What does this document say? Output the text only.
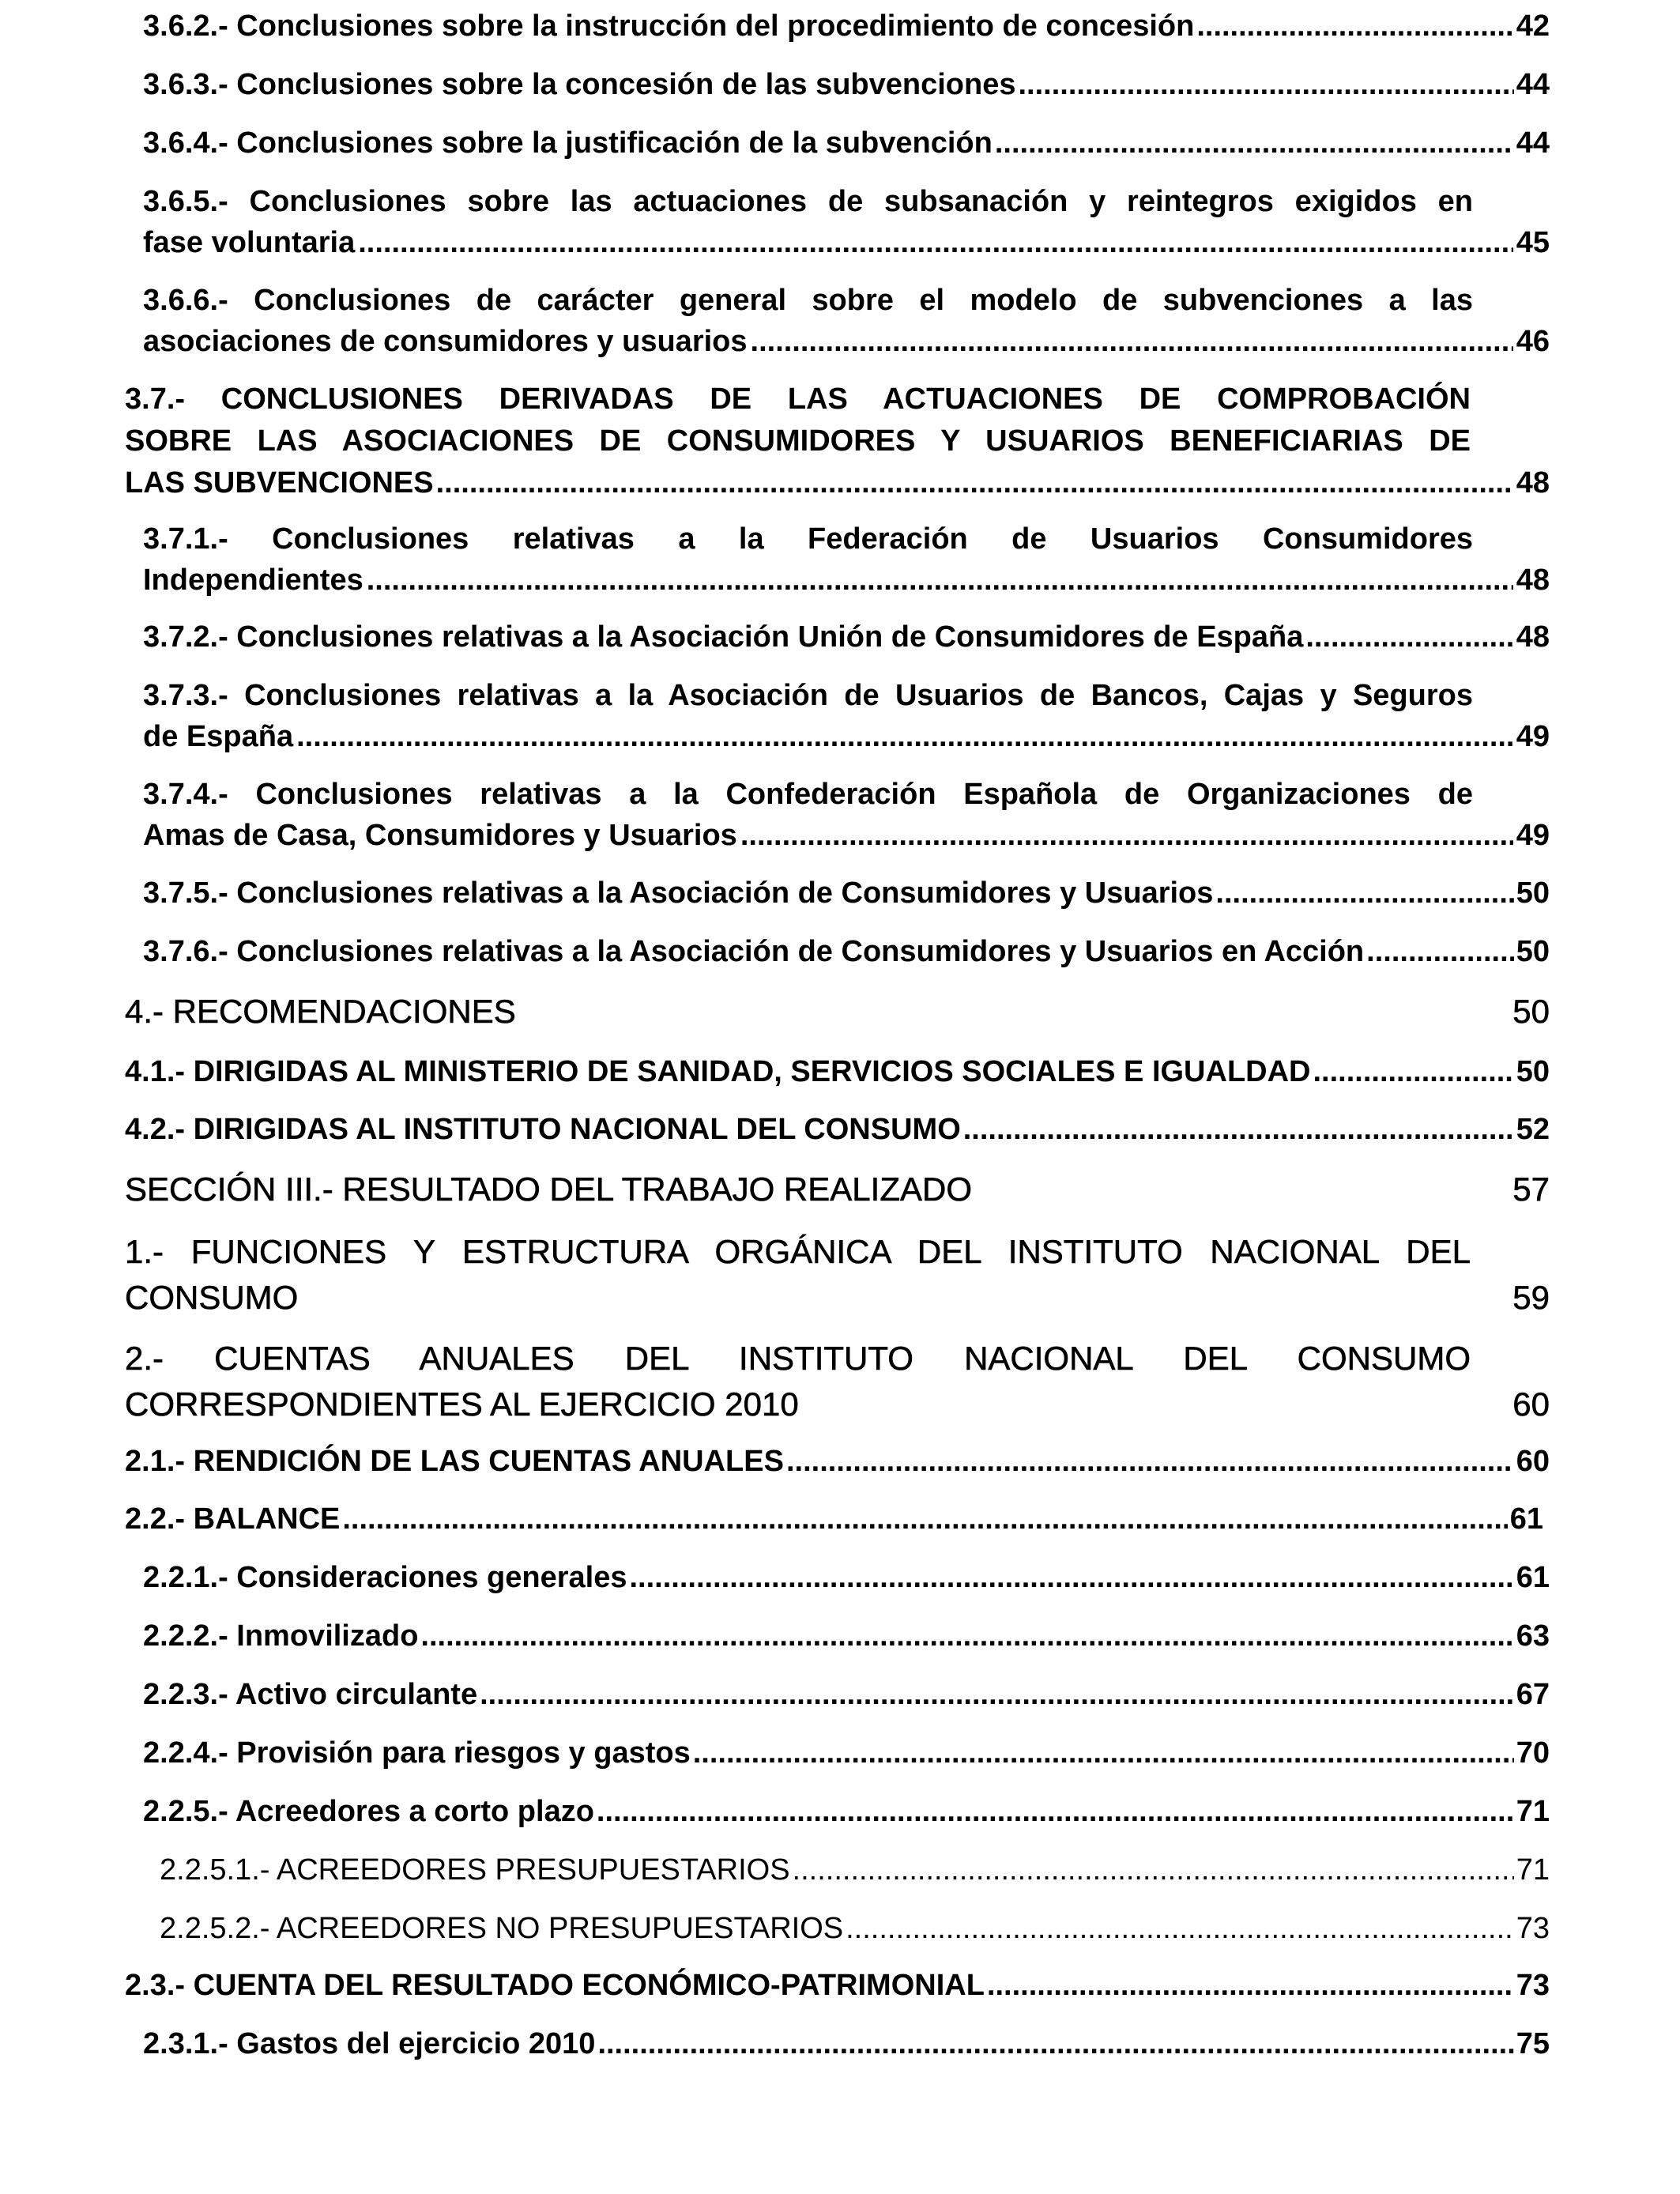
3.6.2.- Conclusiones sobre la instrucción del procedimiento de concesión .....	42
3.6.3.- Conclusiones sobre la concesión de las subvenciones .....	44
3.6.4.- Conclusiones sobre la justificación de la subvención .....	44
3.6.5.- Conclusiones sobre las actuaciones de subsanación y reintegros exigidos en
fase voluntaria .....	45
3.6.6.- Conclusiones de carácter general sobre el modelo de subvenciones a las
asociaciones de consumidores y usuarios .....	46
3.7.- CONCLUSIONES DERIVADAS DE LAS ACTUACIONES DE COMPROBACIÓN
SOBRE LAS ASOCIACIONES DE CONSUMIDORES Y USUARIOS BENEFICIARIAS DE
LAS SUBVENCIONES .....	48
3.7.1.- Conclusiones relativas a la Federación de Usuarios Consumidores
Independientes .....	48
3.7.2.- Conclusiones relativas a la Asociación Unión de Consumidores de España .....	48
3.7.3.- Conclusiones relativas a la Asociación de Usuarios de Bancos, Cajas y Seguros
de España .....	49
3.7.4.- Conclusiones relativas a la Confederación Española de Organizaciones de
Amas de Casa, Consumidores y Usuarios .....	49
3.7.5.- Conclusiones relativas a la Asociación de Consumidores y Usuarios .....	50
3.7.6.- Conclusiones relativas a la Asociación de Consumidores y Usuarios en Acción .....	50
4.- RECOMENDACIONES	50
4.1.- DIRIGIDAS AL MINISTERIO DE SANIDAD, SERVICIOS SOCIALES E IGUALDAD .....	50
4.2.- DIRIGIDAS AL INSTITUTO NACIONAL DEL CONSUMO .....	52
SECCIÓN III.- RESULTADO DEL TRABAJO REALIZADO	57
1.- FUNCIONES Y ESTRUCTURA ORGÁNICA DEL INSTITUTO NACIONAL DEL
CONSUMO	59
2.- CUENTAS ANUALES DEL INSTITUTO NACIONAL DEL CONSUMO
CORRESPONDIENTES AL EJERCICIO 2010	60
2.1.- RENDICIÓN DE LAS CUENTAS ANUALES .....	60
2.2.- BALANCE .....	61
2.2.1.- Consideraciones generales .....	61
2.2.2.- Inmovilizado .....	63
2.2.3.- Activo circulante .....	67
2.2.4.- Provisión para riesgos y gastos .....	70
2.2.5.- Acreedores a corto plazo .....	71
2.2.5.1.- ACREEDORES PRESUPUESTARIOS .....	71
2.2.5.2.- ACREEDORES NO PRESUPUESTARIOS .....	73
2.3.- CUENTA DEL RESULTADO ECONÓMICO-PATRIMONIAL .....	73
2.3.1.- Gastos del ejercicio 2010 .....	75
